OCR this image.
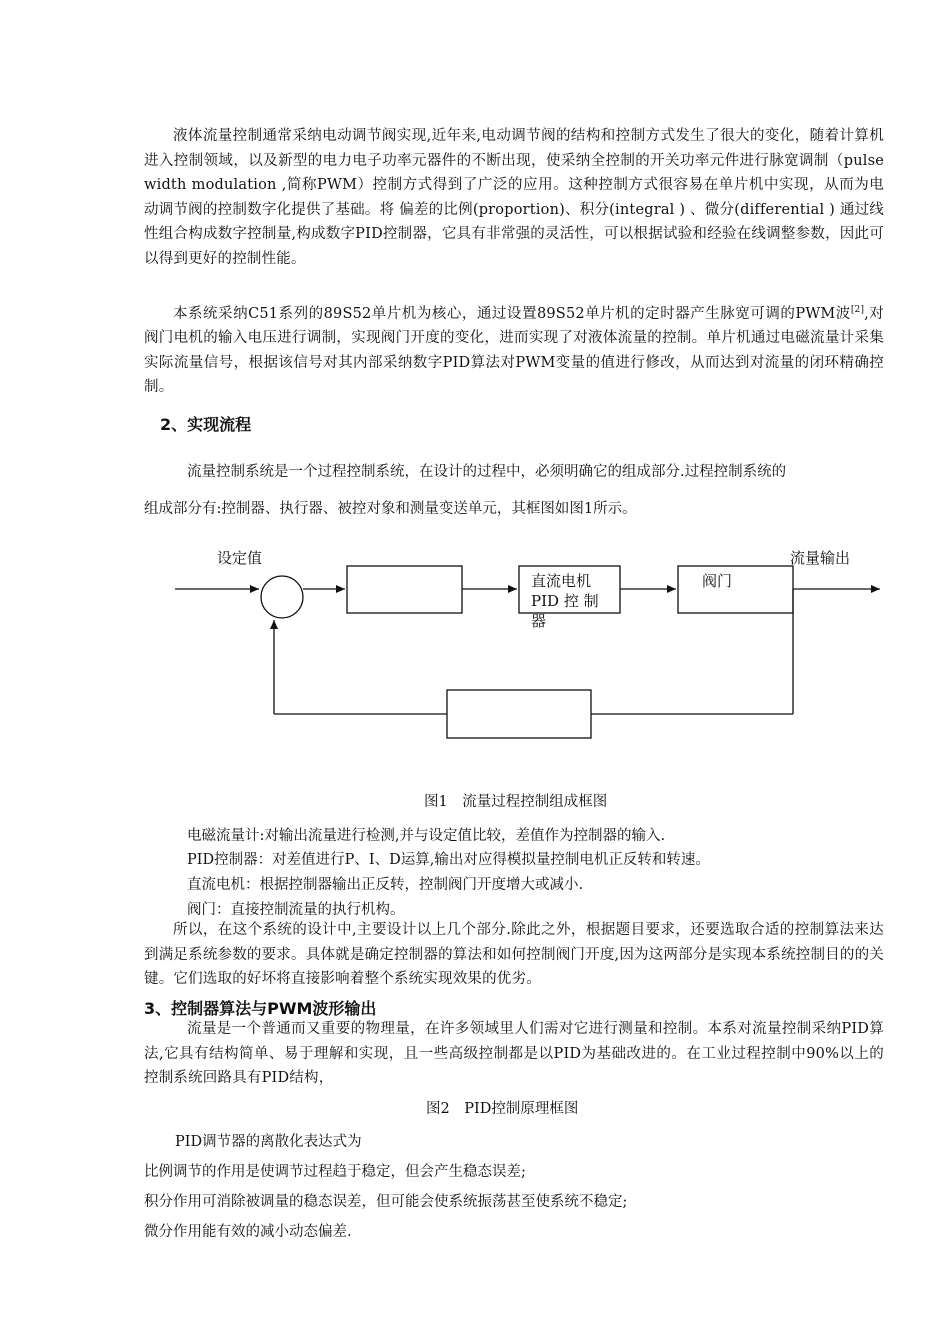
液体流量控制通常采纳电动调节阀实现,近年来,电动调节阀的结构和控制方式发生了很大的变化，随着计算机进入控制领域，以及新型的电力电子功率元器件的不断出现，使采纳全控制的开关功率元件进行脉宽调制（pulse width modulation ,简称PWM）控制方式得到了广泛的应用。这种控制方式很容易在单片机中实现，从而为电动调节阀的控制数字化提供了基础。将 偏差的比例(proportion)、积分(integral ) 、微分(differential ) 通过线性组合构成数字控制量,构成数字PID控制器，它具有非常强的灵活性，可以根据试验和经验在线调整参数，因此可以得到更好的控制性能。
本系统采纳C51系列的89S52单片机为核心，通过设置89S52单片机的定时器产生脉宽可调的PWM波[2],对阀门电机的输入电压进行调制，实现阀门开度的变化，进而实现了对液体流量的控制。单片机通过电磁流量计采集实际流量信号，根据该信号对其内部采纳数字PID算法对PWM变量的值进行修改，从而达到对流量的闭环精确控制。
2、实现流程
流量控制系统是一个过程控制系统，在设计的过程中，必须明确它的组成部分.过程控制系统的
组成部分有:控制器、执行器、被控对象和测量变送单元，其框图如图1所示。
设定值	流量输出
直流电机
PID 控 制
器
阀门
图1　流量过程控制组成框图
电磁流量计:对输出流量进行检测,并与设定值比较，差值作为控制器的输入.
PID控制器：对差值进行P、I、D运算,输出对应得模拟量控制电机正反转和转速。
直流电机：根据控制器输出正反转，控制阀门开度增大或减小.
阀门：直接控制流量的执行机构。
所以，在这个系统的设计中,主要设计以上几个部分.除此之外，根据题目要求，还要选取合适的控制算法来达到满足系统参数的要求。具体就是确定控制器的算法和如何控制阀门开度,因为这两部分是实现本系统控制目的的关键。它们选取的好坏将直接影响着整个系统实现效果的优劣。
3、控制器算法与PWM波形输出
流量是一个普通而又重要的物理量，在许多领域里人们需对它进行测量和控制。本系对流量控制采纳PID算法,它具有结构简单、易于理解和实现，且一些高级控制都是以PID为基础改进的。在工业过程控制中90%以上的控制系统回路具有PID结构，
图2　PID控制原理框图
PID调节器的离散化表达式为
比例调节的作用是使调节过程趋于稳定，但会产生稳态误差;
积分作用可消除被调量的稳态误差，但可能会使系统振荡甚至使系统不稳定;
微分作用能有效的减小动态偏差.
